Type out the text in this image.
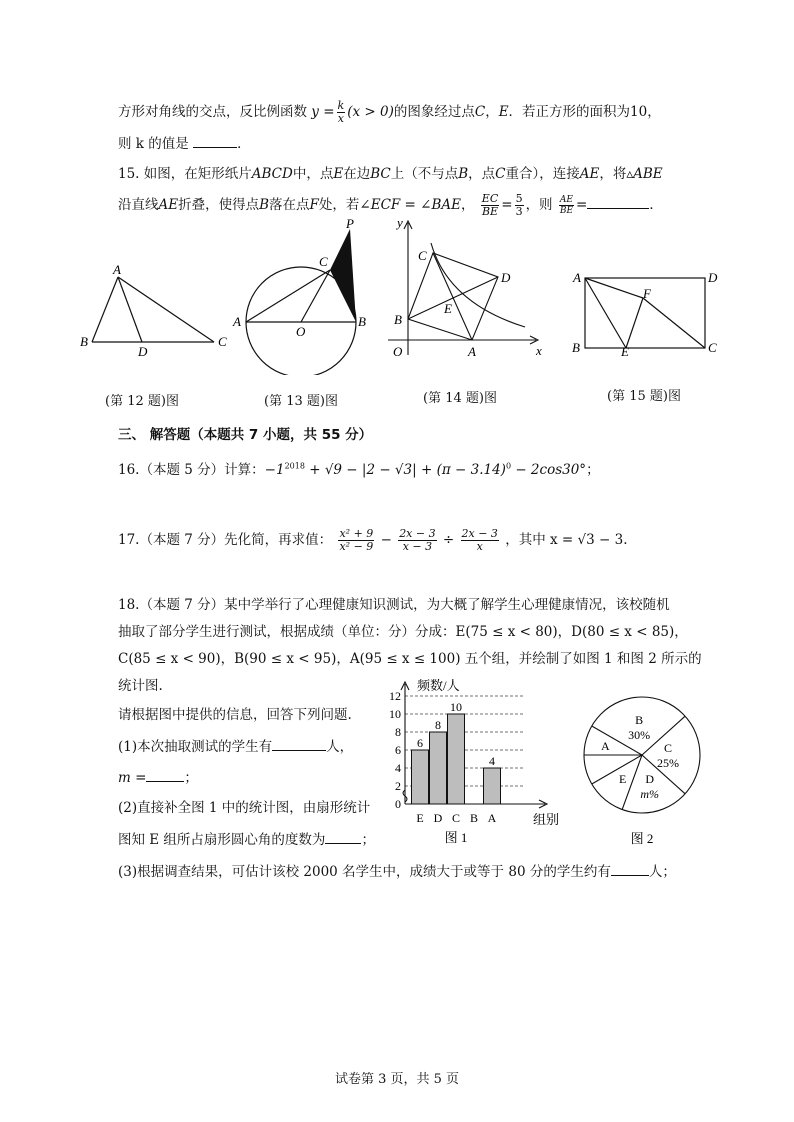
方形对角线的交点，反比例函数 $y = \frac{k}{x} (x > 0)$的图象经过点C，E．若正方形的面积为10，
则 k 的值是	．
15. 如图，在矩形纸片ABCD中，点E在边BC上（不与点B，点C重合），连接AE，将▵ABE
沿直线AE折叠，使得点B落在点F处，若∠ECF = ∠BAE， $\frac{EC}{BE} = \frac{5}{3}$ ，则 $\frac{AE}{BE}$ =	．
A
B
D
C
P
C
A
O
B
y
x
O
C
D
E
B
A
A	D
F
B	E	C
(第 12 题)图	(第 13 题)图	(第 14 题)图	(第 15 题)图
三、 解答题（本题共 7 小题，共 55 分）
16.（本题 5 分）计算：$-1^{2018} + √9 - |2 - √3| + (\pi - 3.14)^0 - 2\cos 30^\circ$；
17.（本题 7 分）先化简，再求值： $\frac{\text{x² + 9}}{\text{x² − 9}} - \frac{2x - 3}{x - 3} \div \frac{2x - 3}{x}$ ，其中 x = √3 − 3.
18.（本题 7 分）某中学举行了心理健康知识测试，为大概了解学生心理健康情况，该校随机
抽取了部分学生进行测试，根据成绩（单位：分）分成：E(75 ≤ x < 80)，D(80 ≤ x < 85)，
C(85 ≤ x < 90)，B(90 ≤ x < 95)，A(95 ≤ x ≤ 100) 五个组，并绘制了如图 1 和图 2 所示的
统计图.
请根据图中提供的信息，回答下列问题.
(1)本次抽取测试的学生有	人，
m =	；
(2)直接补全图 1 中的统计图，由扇形统计
图知 E 组所占扇形圆心角的度数为	；
(3)根据调查结果，可估计该校 2000 名学生中，成绩大于或等于 80 分的学生约有	人；
0
2
4
6
8
10
12
频数/人
组别
6
E
8
D
10
C B
4
A
图 1
B
30%
C
25%
D
m%
E
A
图 2
试卷第 3 页，共 5 页
